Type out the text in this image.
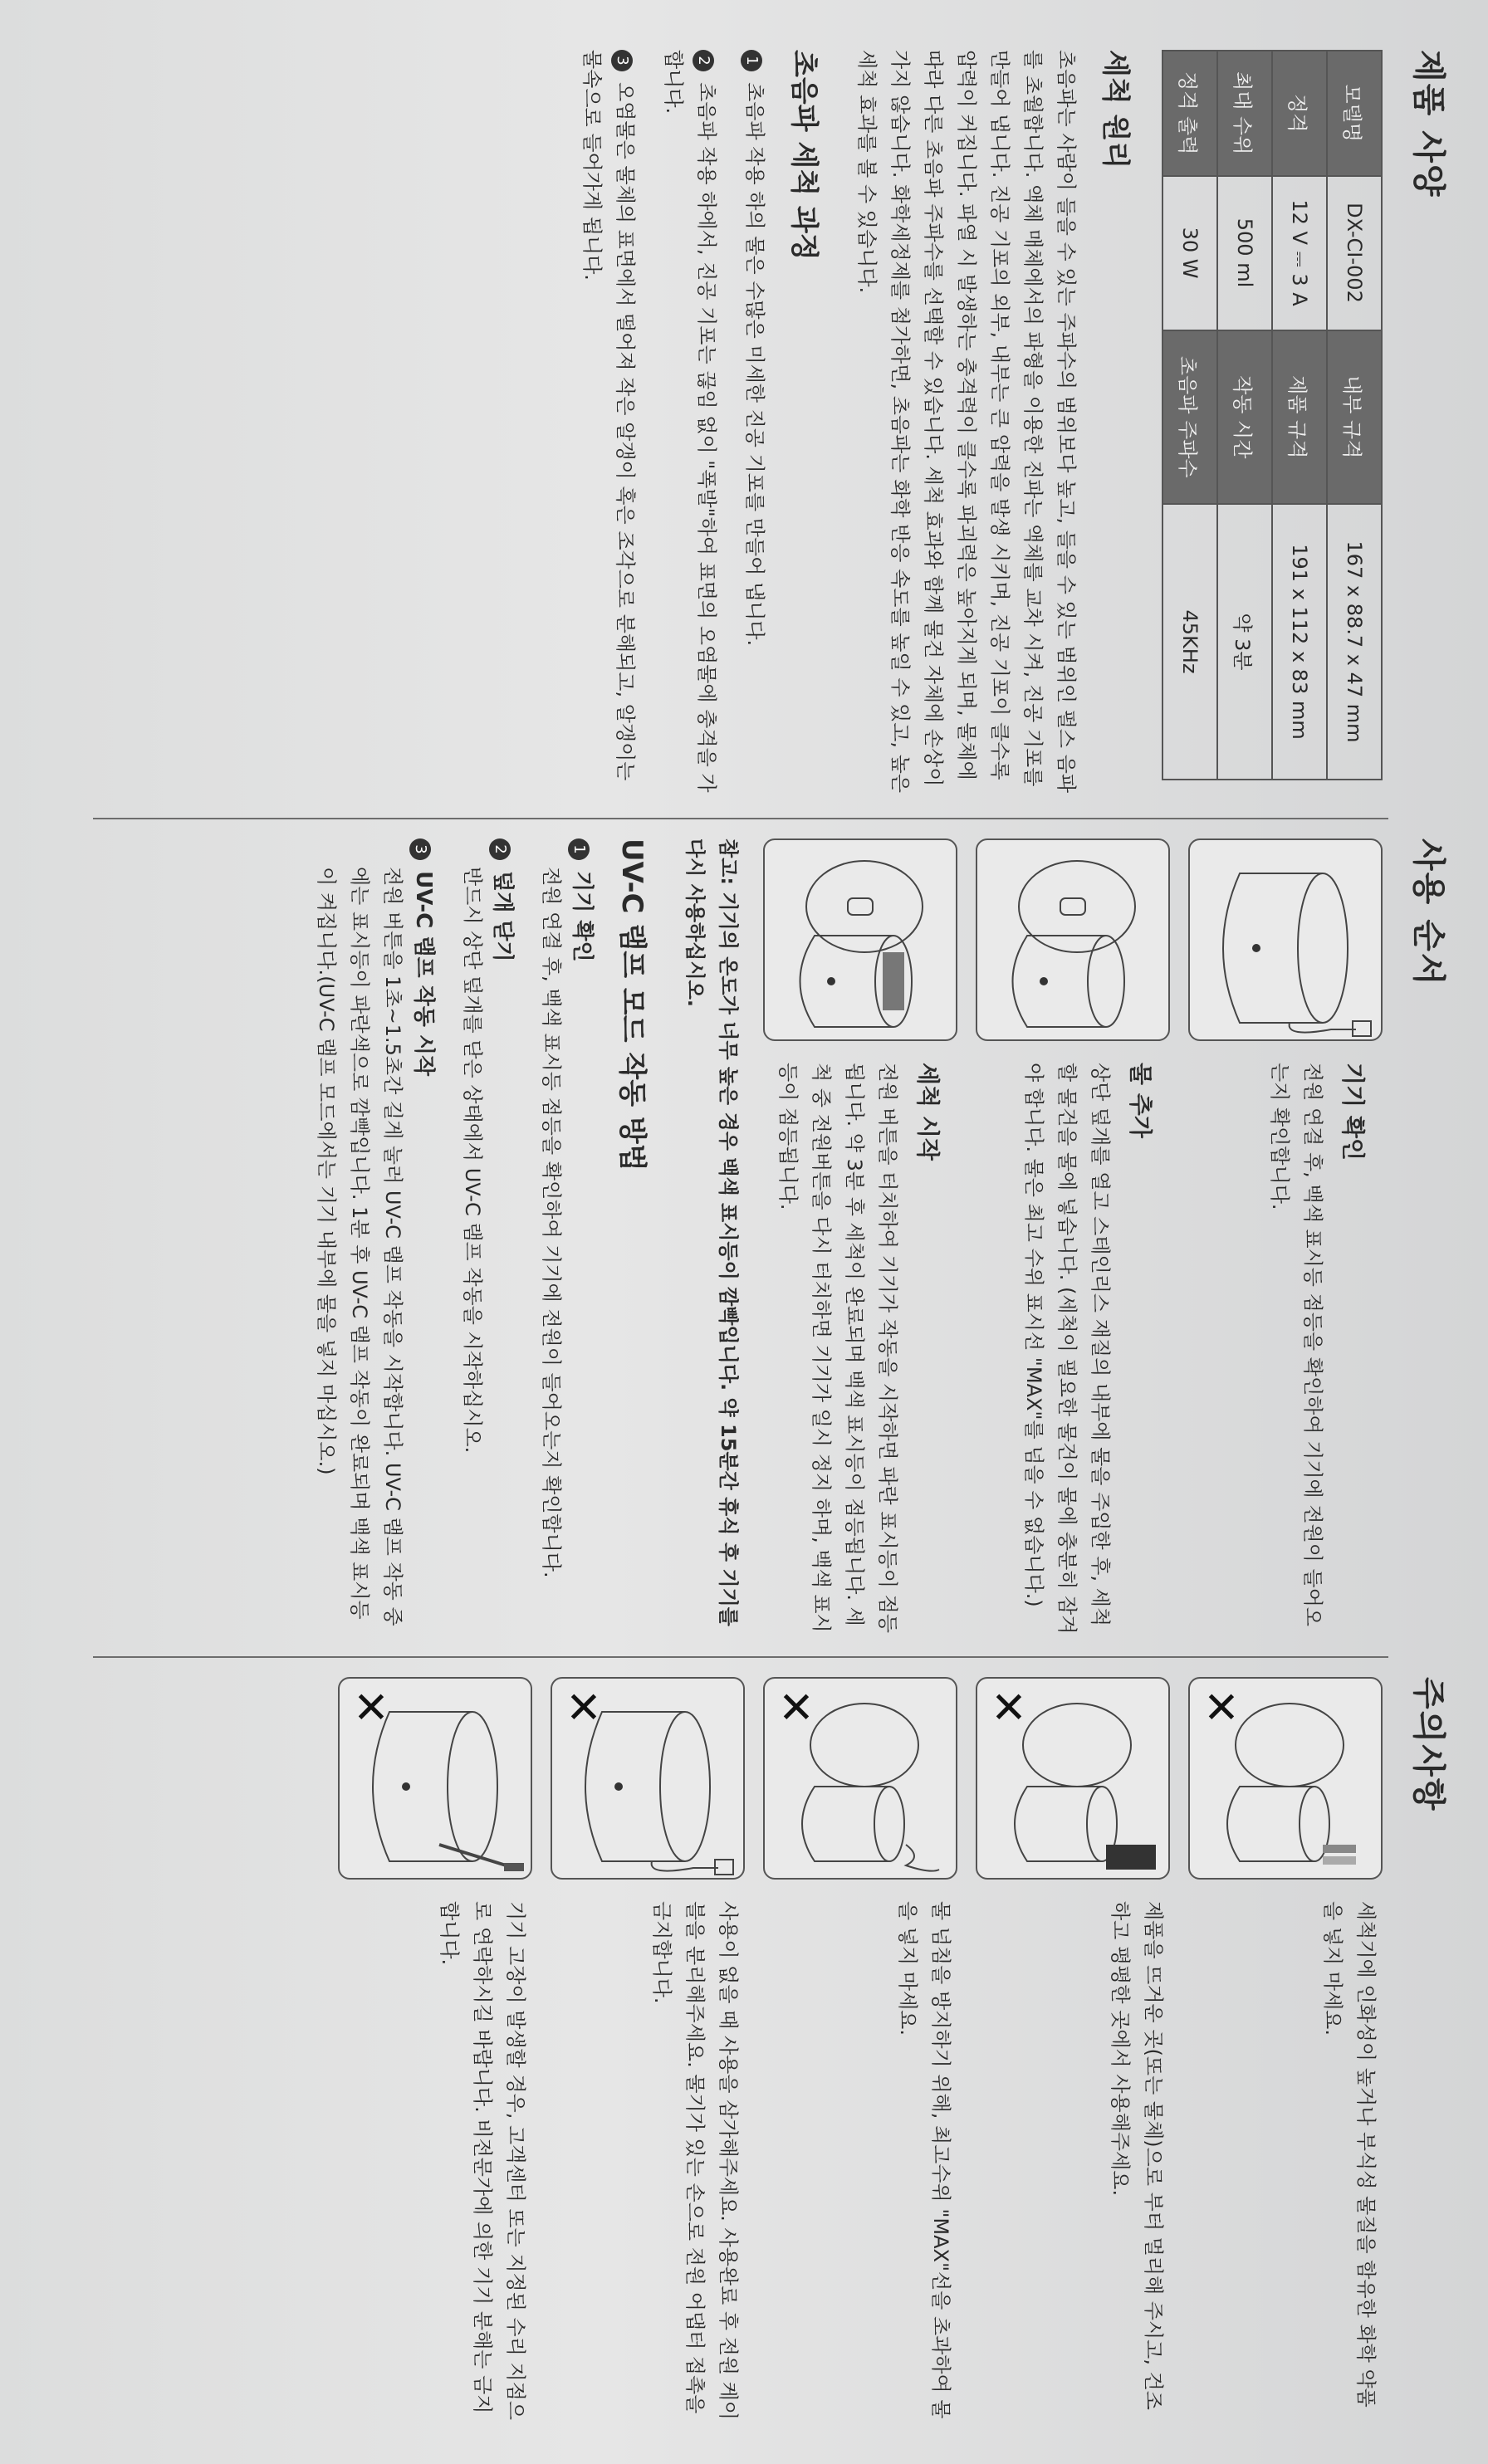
제품 사양
모델명	DX-CI-002	내부 규격	167 x 88.7 x 47 mm
정격	12 V ⎓ 3 A	제품 규격	191 x 112 x 83 mm
최대 수위	500 ml	작동 시간	약 3분
정격 출력	30 W	초음파 주파수	45KHz
세척 원리

초음파는 사람이 들을 수 있는 주파수의 범위보다 높고, 들을 수 있는 범위인 펄스 음파를 초월합니다. 액체 매체에서의 파형을 이용한 진파는 액체를 교차 시켜, 진공 기포를 만들어 냅니다. 진공 기포의 외부, 내부는 큰 압력을 발생 시키며, 진공 기포이 클수록 압력이 커집니다. 파열 시 발생하는 충격력이 클수록 파괴력은 높아지게 되며, 물체에 따라 다른 초음파 주파수를 선택할 수 있습니다. 세척 효과와 함께 물건 자체에 손상이 가지 않습니다. 화학세정제를 첨가하면, 초음파는 화학 반응 속도를 높일 수 있고, 높은 세척 효과를 볼 수 있습니다.

초음파 세척 과정
1 초음파 작용 하의 물은 수많은 미세한 진공 기포를 만들어 냅니다.
2 초음파 작용 하에서, 진공 기포는 끊임 없이 "폭발"하여 표면의 오염물에 충격을 가합니다.
3 오염물은 물체의 표면에서 떨어져 작은 알갱이 혹은 조각으로 분해되고, 알갱이는 물속으로 들어가게 됩니다.
사용 순서
기기 확인

전원 연결 후, 백색 표시등 점등을 확인하여 기기에 전원이 들어오는지 확인합니다.

물 추가

상단 덮개를 열고 스테인리스 재질의 내부에 물을 주입한 후, 세척할 물건을 물에 넣습니다. (세척이 필요한 물건이 물에 충분히 잠겨야 합니다. 물은 최고 수위 표시선 "MAX"를 넘을 수 없습니다.)

세척 시작

전원 버튼을 터치하여 기기가 작동을 시작하면 파란 표시등이 점등됩니다. 약 3분 후 세척이 완료되며 백색 표시등이 점등됩니다. 세척 중 전원버튼을 다시 터치하면 기기가 일시 정지 하며, 백색 표시등이 점등됩니다.

참고: 기기의 온도가 너무 높은 경우 백색 표시등이 깜빡입니다. 약 15분간 휴식 후 기기를 다시 사용하십시오.

UV-C 램프 모드 작동 방법
1 기기 확인

전원 연결 후, 백색 표시등 점등을 확인하여 기기에 전원이 들어오는지 확인합니다.

2 덮개 닫기

반드시 상단 덮개를 닫은 상태에서 UV-C 램프 작동을 시작하십시오.

3 UV-C 램프 작동 시작

전원 버튼을 1초~1.5초간 길게 눌러 UV-C 램프 작동을 시작합니다. UV-C 램프 작동 중에는 표시등이 파란색으로 깜빡입니다. 1분 후 UV-C 램프 작동이 완료되며 백색 표시등이 켜집니다.(UV-C 램프 모드에서는 기기 내부에 물을 넣지 마십시오.)

주의사항
✕

세척기에 인화성이 높거나 부식성 물질을 함유한 화학 약품을 넣지 마세요.

✕

제품을 뜨거운 곳(또는 물체)으로 부터 멀리해 주시고, 건조하고 평평한 곳에서 사용해주세요.

✕

물 넘침을 방지하기 위해, 최고수위 "MAX"선을 초과하여 물을 넣지 마세요.

✕

사용이 없을 때 사용을 삼가해주세요. 사용완료 후 전원 케이블을 분리해주세요. 물기가 있는 손으로 전원 어댑터 접촉을 금지합니다.

✕

기기 고장이 발생할 경우, 고객센터 또는 지정된 수리 지점으로 연락하시길 바랍니다. 비전문가에 의한 기기 분해는 금지합니다.
